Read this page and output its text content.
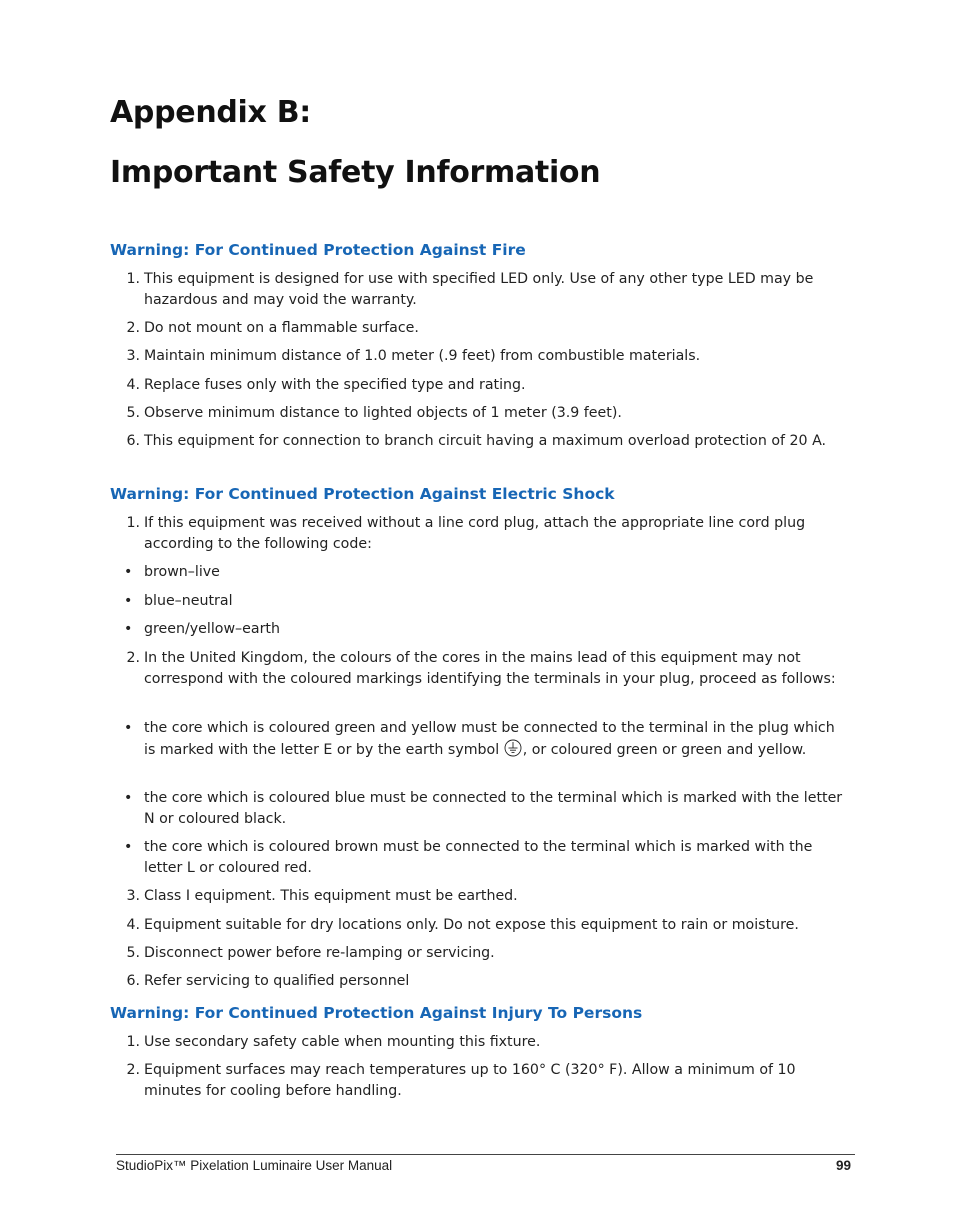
Appendix B:
Important Safety Information
Warning: For Continued Protection Against Fire
1. This equipment is designed for use with specified LED only. Use of any other type LED may be hazardous and may void the warranty.
2. Do not mount on a flammable surface.
3. Maintain minimum distance of 1.0 meter (.9 feet) from combustible materials.
4. Replace fuses only with the specified type and rating.
5. Observe minimum distance to lighted objects of 1 meter (3.9 feet).
6. This equipment for connection to branch circuit having a maximum overload protection of 20 A.
Warning: For Continued Protection Against Electric Shock
1. If this equipment was received without a line cord plug, attach the appropriate line cord plug according to the following code:
• brown–live
• blue–neutral
• green/yellow–earth
2. In the United Kingdom, the colours of the cores in the mains lead of this equipment may not correspond with the coloured markings identifying the terminals in your plug, proceed as follows:
• the core which is coloured green and yellow must be connected to the terminal in the plug which is marked with the letter E or by the earth symbol , or coloured green or green and yellow.
• the core which is coloured blue must be connected to the terminal which is marked with the letter N or coloured black.
• the core which is coloured brown must be connected to the terminal which is marked with the letter L or coloured red.
3. Class I equipment. This equipment must be earthed.
4. Equipment suitable for dry locations only. Do not expose this equipment to rain or moisture.
5. Disconnect power before re-lamping or servicing.
6. Refer servicing to qualified personnel
Warning: For Continued Protection Against Injury To Persons
1. Use secondary safety cable when mounting this fixture.
2. Equipment surfaces may reach temperatures up to 160° C (320° F). Allow a minimum of 10 minutes for cooling before handling.
StudioPix™ Pixelation Luminaire User Manual	99
